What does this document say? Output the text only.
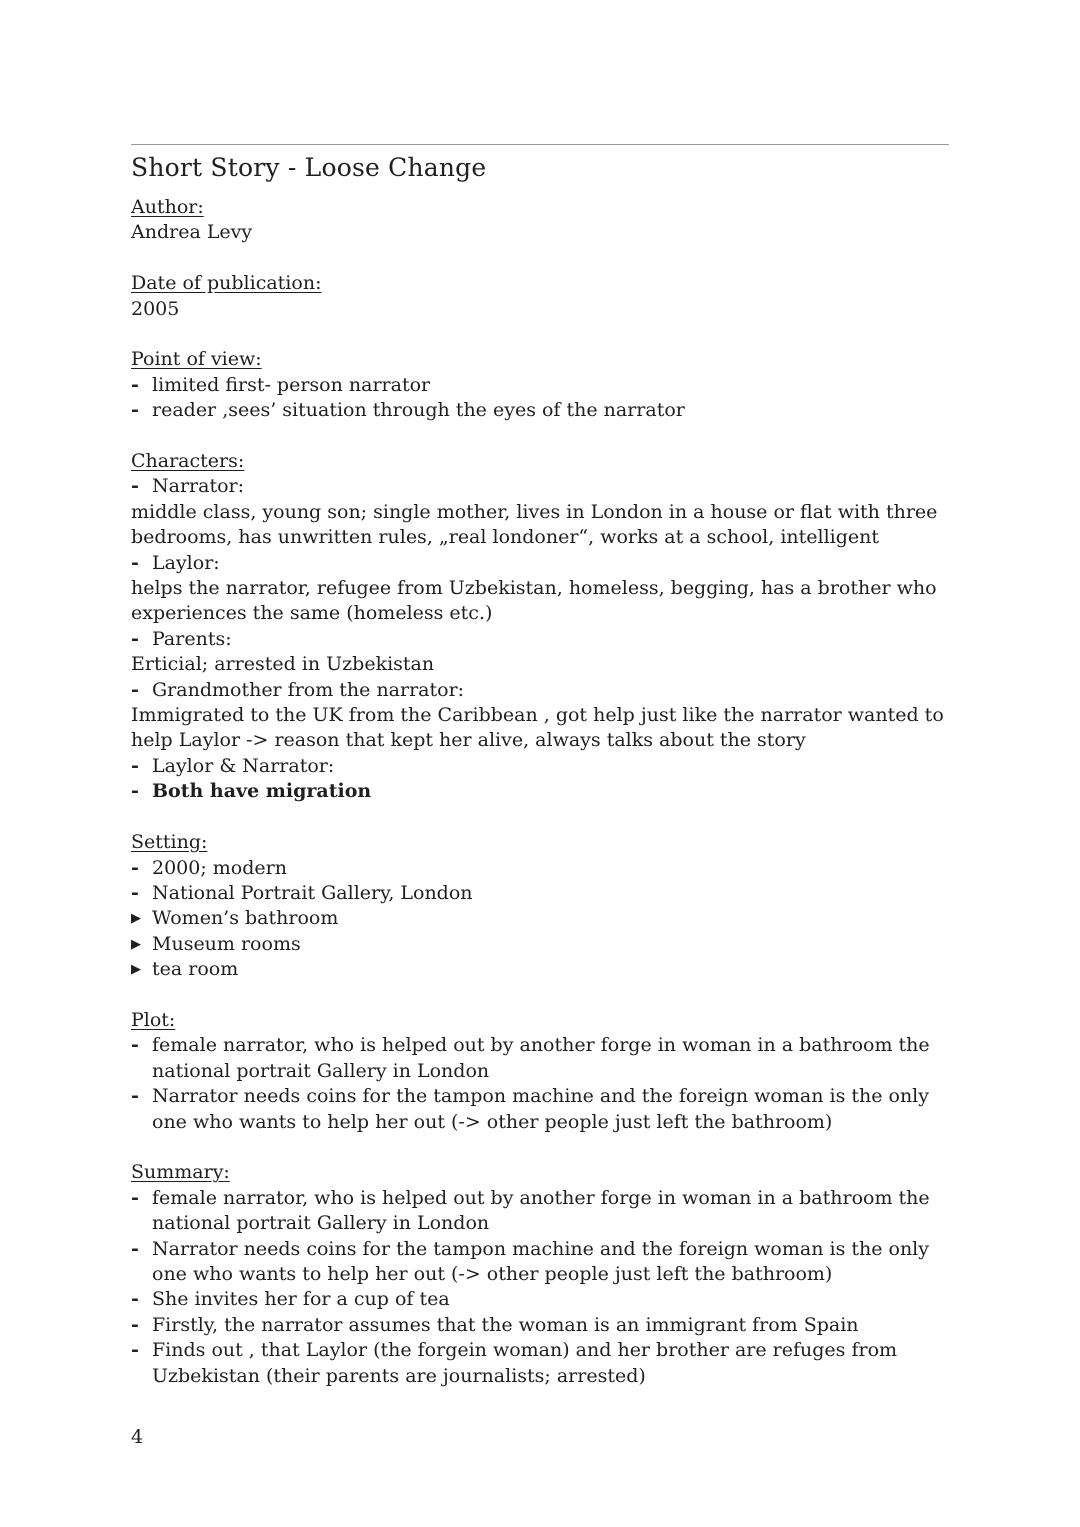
Short Story - Loose Change
Author:
Andrea Levy
Date of publication:
2005
Point of view:
-
limited first- person narrator
-
reader ‚sees’ situation through the eyes of the narrator
Characters:
-
Narrator:
middle class, young son; single mother, lives in London in a house or flat with three bedrooms, has unwritten rules, „real londoner“, works at a school, intelligent
-
Laylor:
helps the narrator, refugee from Uzbekistan, homeless, begging, has a brother who experiences the same (homeless etc.)
-
Parents:
Erticial; arrested in Uzbekistan
-
Grandmother from the narrator:
Immigrated to the UK from the Caribbean , got help just like the narrator wanted to help Laylor -> reason that kept her alive, always talks about the story
-
Laylor & Narrator:
-
Both have migration
Setting:
-
2000; modern
-
National Portrait Gallery, London
▶ Women’s bathroom
▶ Museum rooms
▶ tea room
Plot:
-
female narrator, who is helped out by another forge in woman in a bathroom the national portrait Gallery in London
-
Narrator needs coins for the tampon machine and the foreign woman is the only one who wants to help her out (-> other people just left the bathroom)
Summary:
-
female narrator, who is helped out by another forge in woman in a bathroom the national portrait Gallery in London
-
Narrator needs coins for the tampon machine and the foreign woman is the only one who wants to help her out (-> other people just left the bathroom)
-
She invites her for a cup of tea
-
Firstly, the narrator assumes that the woman is an immigrant from Spain
-
Finds out , that Laylor (the forgein woman) and her brother are refuges from Uzbekistan (their parents are journalists; arrested)
4
